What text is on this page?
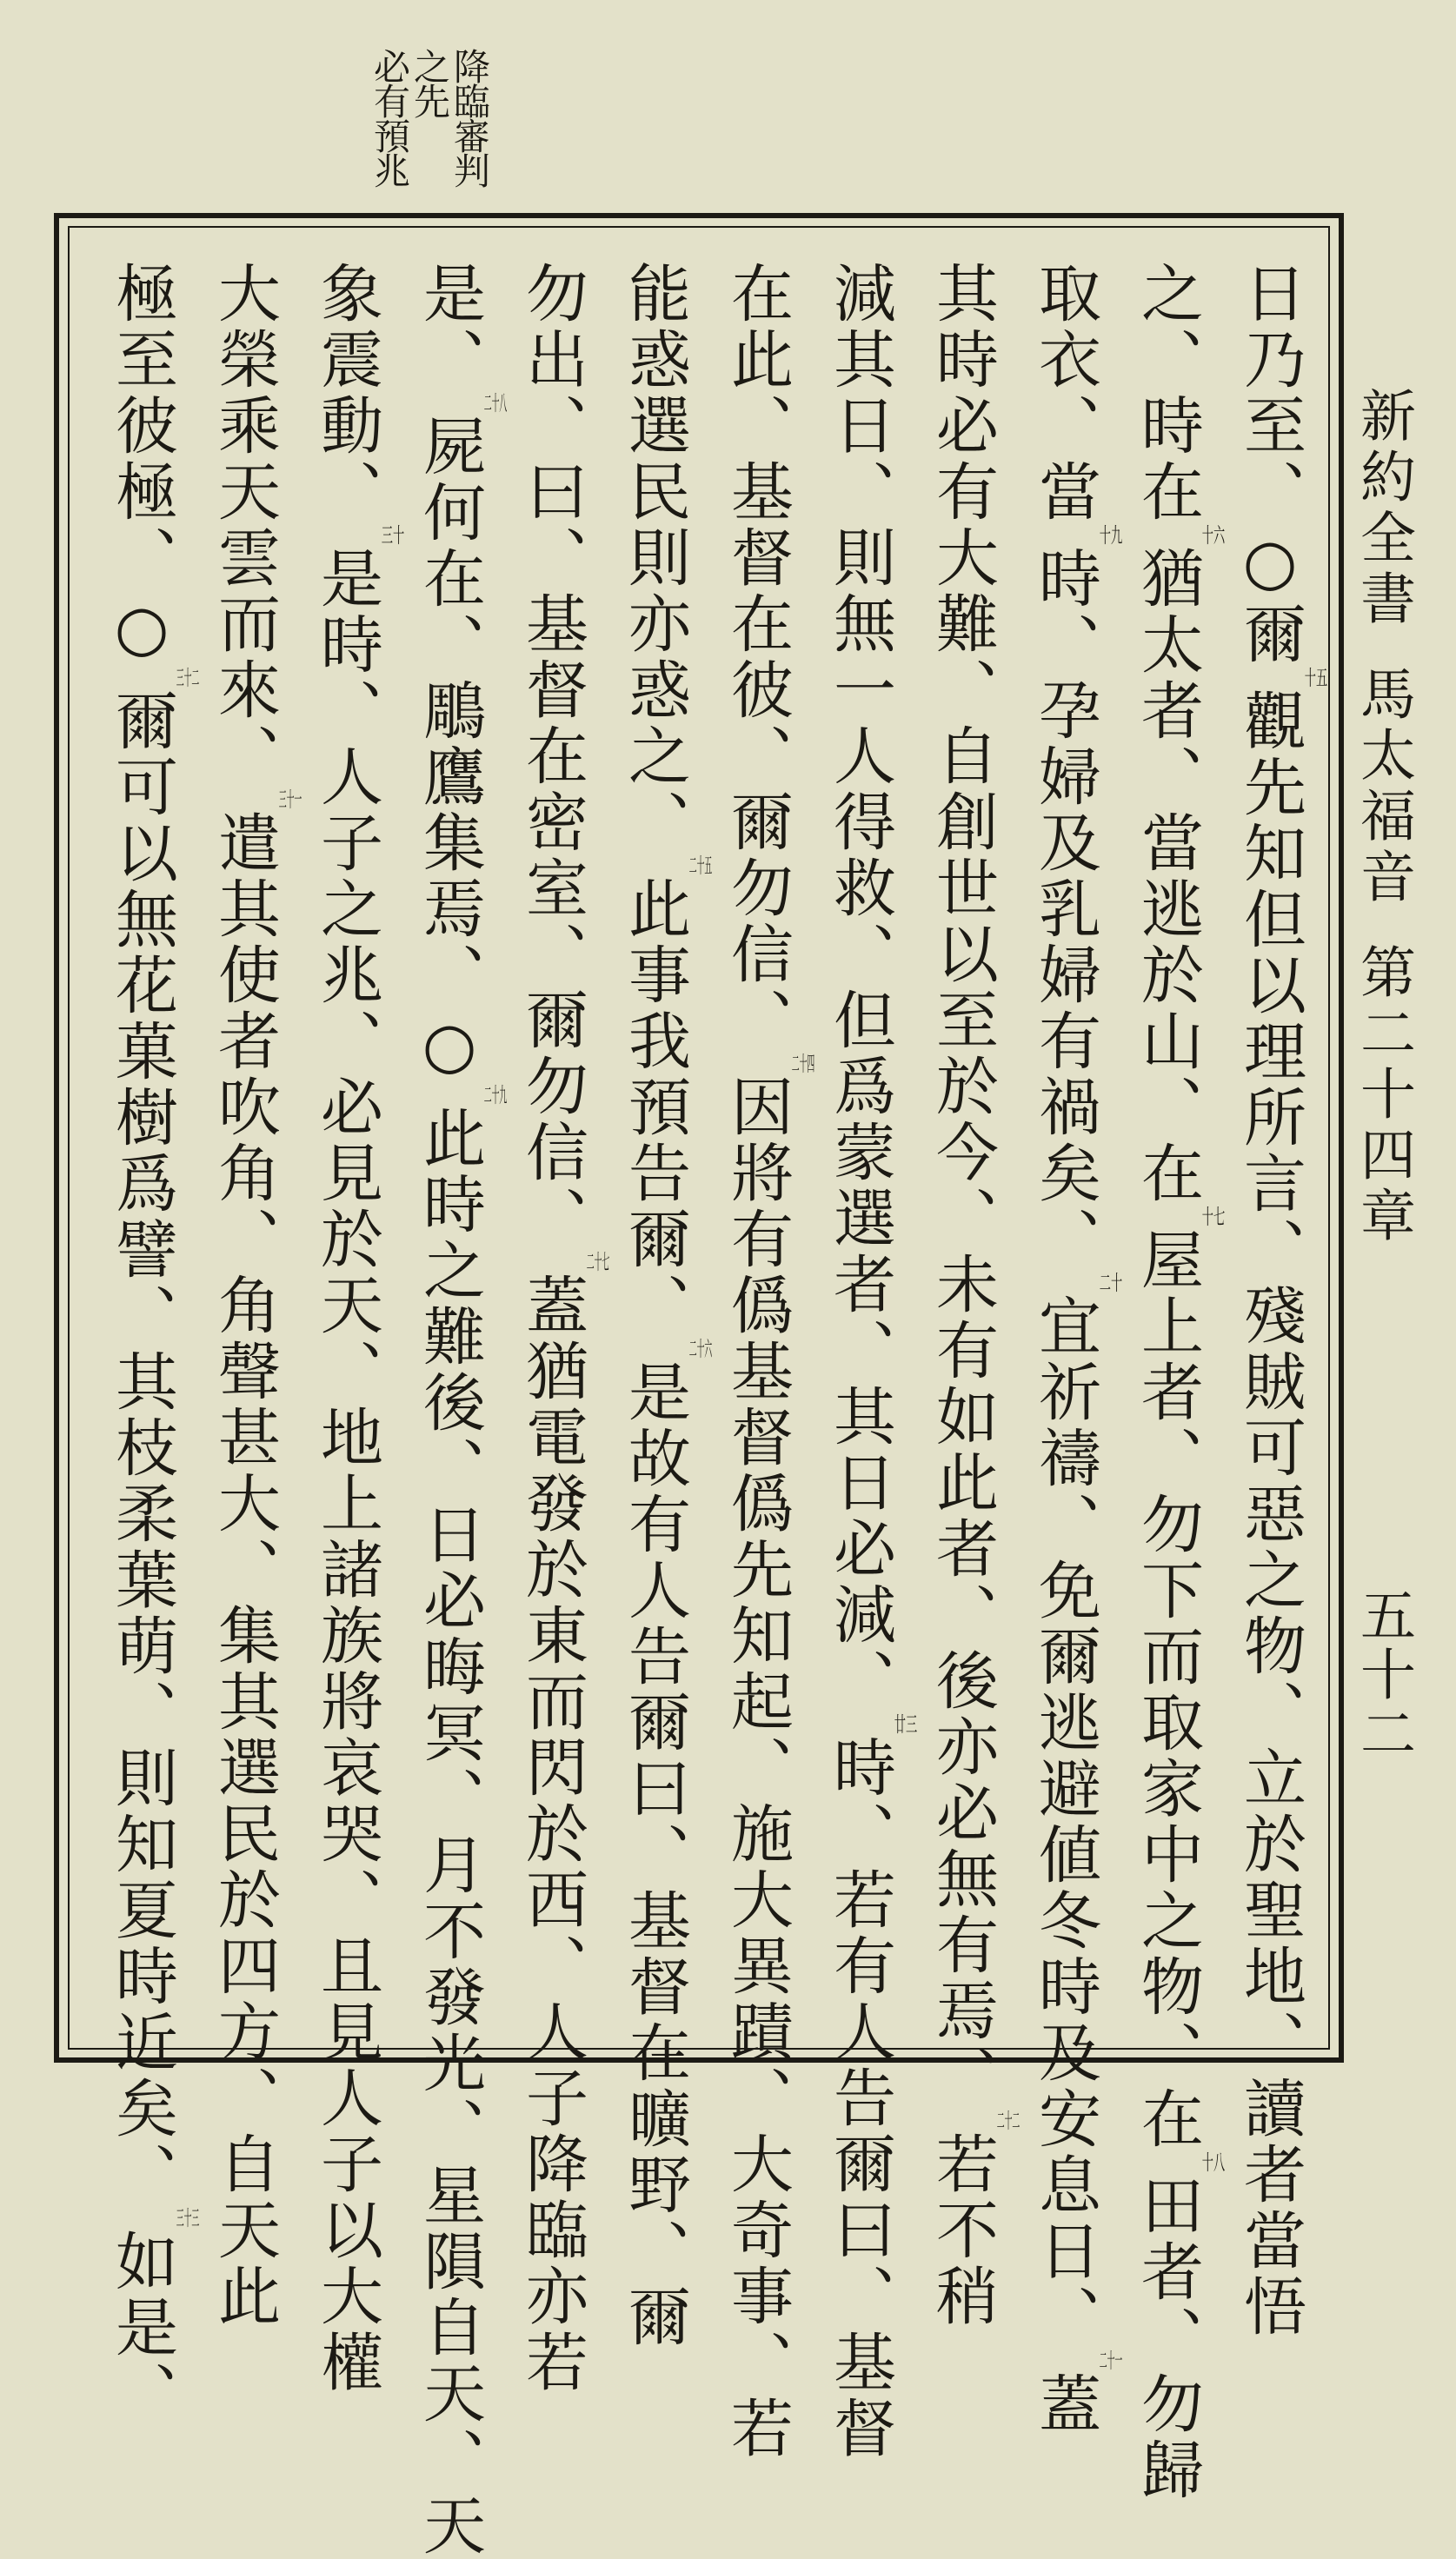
降臨審判
之先
必有預兆
新約全書馬太福音第二十四章
五十二
日乃至、○爾十五觀先知但以理所言、殘賊可惡之物、立於聖地、讀者當悟
之、時在十六猶太者、當逃於山、在十七屋上者、勿下而取家中之物、在十八田者、勿歸
取衣、當十九時、孕婦及乳婦有禍矣、二十宜祈禱、免爾逃避値冬時及安息日、二十一蓋
其時必有大難、自創世以至於今、未有如此者、後亦必無有焉、二十二若不稍
減其日、則無一人得救、但爲蒙選者、其日必減、廿三時、若有人告爾曰、基督
在此、基督在彼、爾勿信、二十四因將有僞基督僞先知起、施大異蹟、大奇事、若
能惑選民則亦惑之、二十五此事我預告爾、二十六是故有人告爾曰、基督在曠野、爾
勿出、曰、基督在密室、爾勿信、二十七蓋猶電發於東而閃於西、人子降臨亦若
是、二十八屍何在、鵰鷹集焉、○二十九此時之難後、日必晦冥、月不發光、星隕自天、天
象震動、三十是時、人子之兆、必見於天、地上諸族將哀哭、且見人子以大權
大榮乘天雲而來、三十一遣其使者吹角、角聲甚大、集其選民於四方、自天此
極至彼極、○三十二爾可以無花菓樹爲譬、其枝柔葉萌、則知夏時近矣、三十三如是、
